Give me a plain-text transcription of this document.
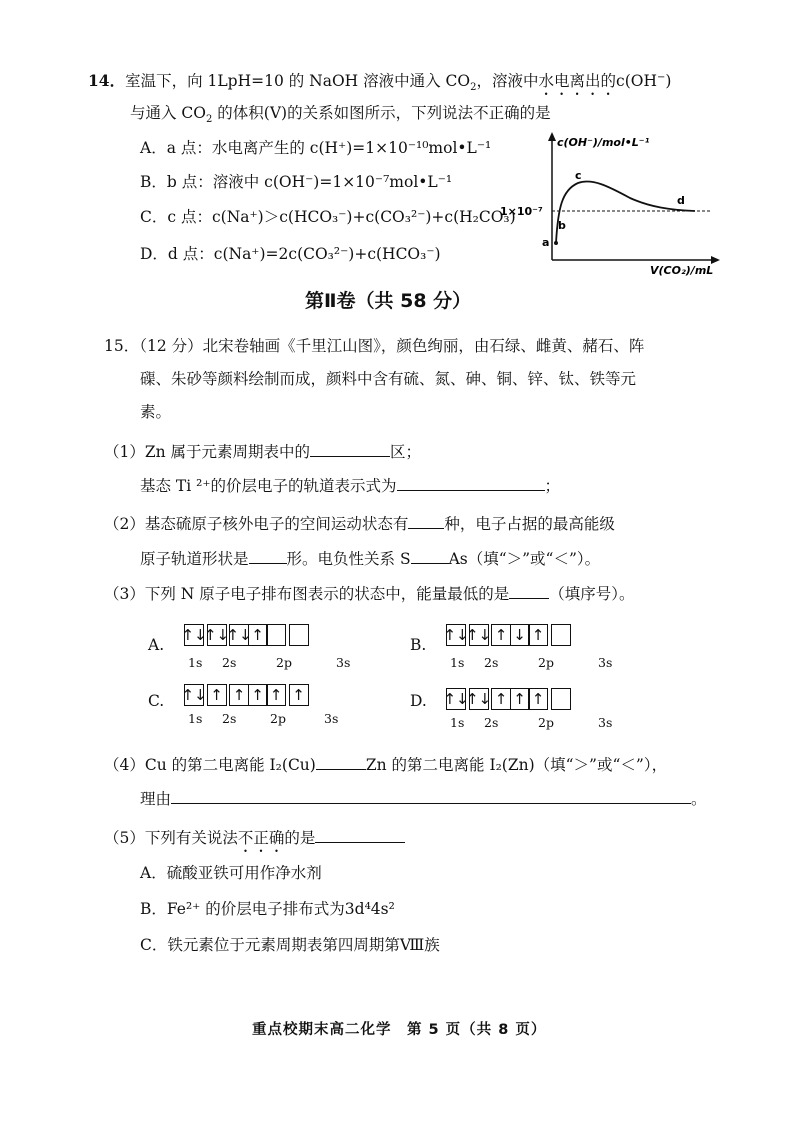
14．室温下，向 1LpH=10 的 NaOH 溶液中通入 $CO_2$，溶液中水电离出的c(OH−)
与通入 $CO_2$ 的体积(V)的关系如图所示，下列说法不正确的是
A．a 点：水电离产生的 c(H⁺)=1×10⁻¹⁰mol•L⁻¹
B．b 点：溶液中 c(OH⁻)=1×10⁻⁷mol•L⁻¹
C．c 点：c(Na⁺)＞c(HCO₃⁻)+c(CO₃²⁻)+c(H₂CO₃)
D．d 点：c(Na⁺)=2c(CO₃²⁻)+c(HCO₃⁻)
c(OH⁻)/mol•L⁻¹
V(CO₂)/mL
1×10⁻⁷
a
b
c
d
第Ⅱ卷（共 58 分）
15．（12 分）北宋卷轴画《千里江山图》，颜色绚丽，由石绿、雌黄、赭石、阵
磲、朱砂等颜料绘制而成，颜料中含有硫、氮、砷、铜、锌、钛、铁等元
素。
（1）Zn 属于元素周期表中的	区；
基态 Ti ²⁺的价层电子的轨道表示式为	；
（2）基态硫原子核外电子的空间运动状态有 种，电子占据的最高能级
原子轨道形状是 形。电负性关系 S As（填“＞”或“＜”）。
（3）下列 N 原子电子排布图表示的状态中，能量最低的是	（填序号）。
A.
↑↓
↑↓
↑↓ ↑
1s 2s	2p	3s
B.
↑↓
↑↓ ↑ ↓ ↑
1s 2s	2p	3s
C. ↑↓ ↑ ↑ ↑ ↑ ↑
1s 2s	2p	3s
D. ↑↓
↑↓ ↑ ↑ ↑
1s 2s	2p	3s
（4）Cu 的第二电离能 I₂(Cu)	Zn 的第二电离能 I₂(Zn)（填“＞”或“＜”），
理由	。
（5）下列有关说法不正确的是
A．硫酸亚铁可用作净水剂
B．Fe²⁺ 的价层电子排布式为3d⁴4s²
C．铁元素位于元素周期表第四周期第Ⅷ族
重点校期末高二化学　第 5 页（共 8 页）
